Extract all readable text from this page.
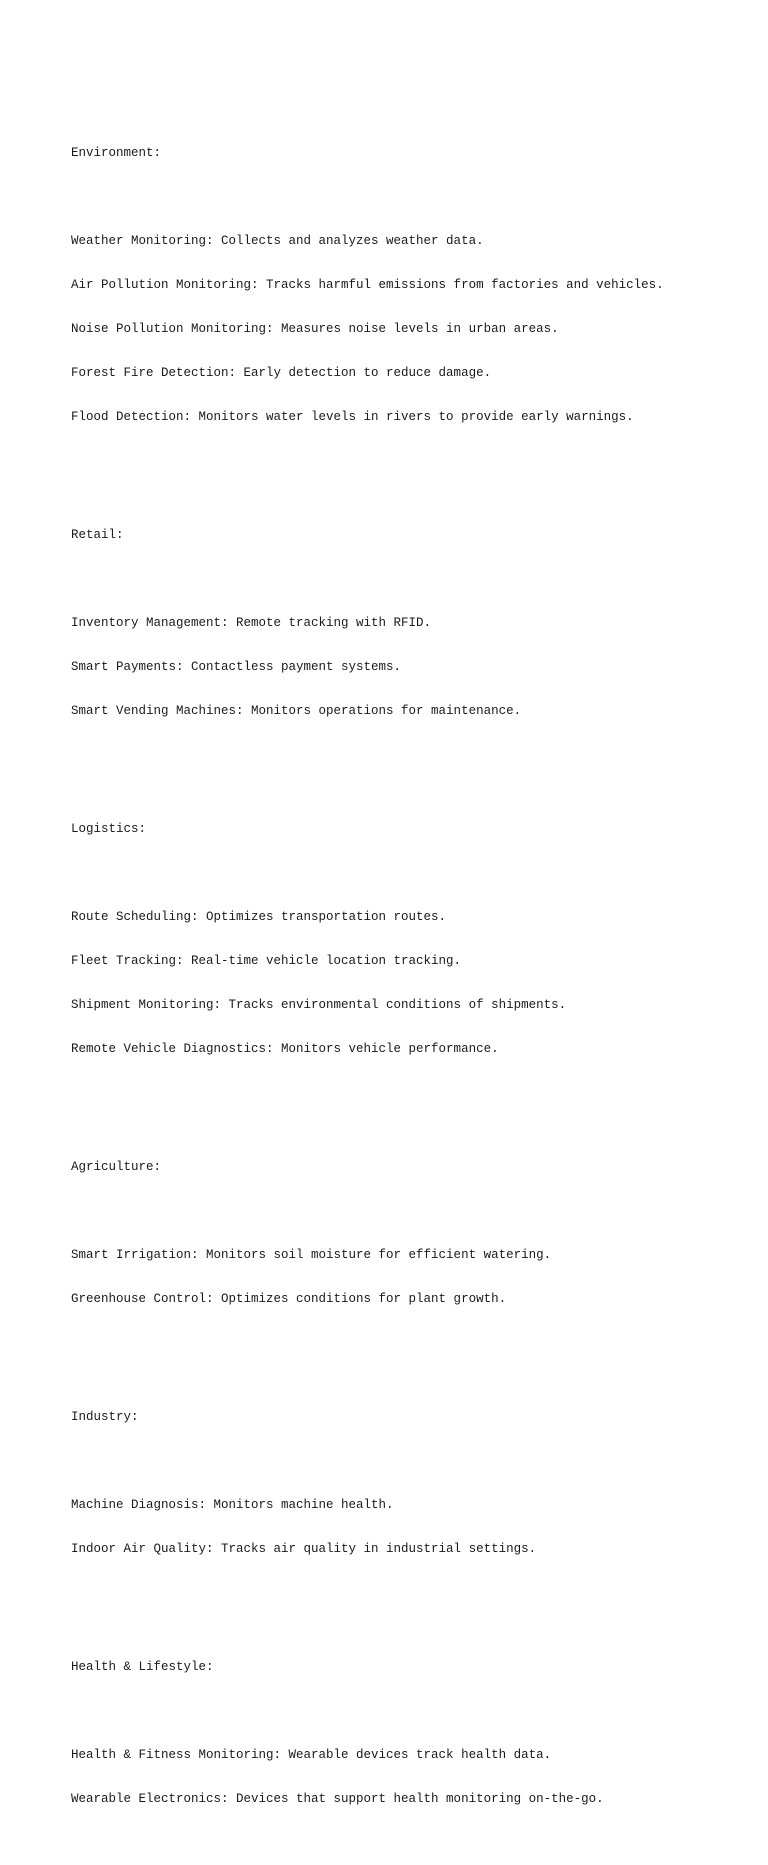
Environment:

Weather Monitoring: Collects and analyzes weather data.

Air Pollution Monitoring: Tracks harmful emissions from factories and vehicles.

Noise Pollution Monitoring: Measures noise levels in urban areas.

Forest Fire Detection: Early detection to reduce damage.

Flood Detection: Monitors water levels in rivers to provide early warnings.

Retail:

Inventory Management: Remote tracking with RFID.

Smart Payments: Contactless payment systems.

Smart Vending Machines: Monitors operations for maintenance.

Logistics:

Route Scheduling: Optimizes transportation routes.

Fleet Tracking: Real-time vehicle location tracking.

Shipment Monitoring: Tracks environmental conditions of shipments.

Remote Vehicle Diagnostics: Monitors vehicle performance.

Agriculture:

Smart Irrigation: Monitors soil moisture for efficient watering.

Greenhouse Control: Optimizes conditions for plant growth.

Industry:

Machine Diagnosis: Monitors machine health.

Indoor Air Quality: Tracks air quality in industrial settings.

Health & Lifestyle:

Health & Fitness Monitoring: Wearable devices track health data.

Wearable Electronics: Devices that support health monitoring on-the-go.
